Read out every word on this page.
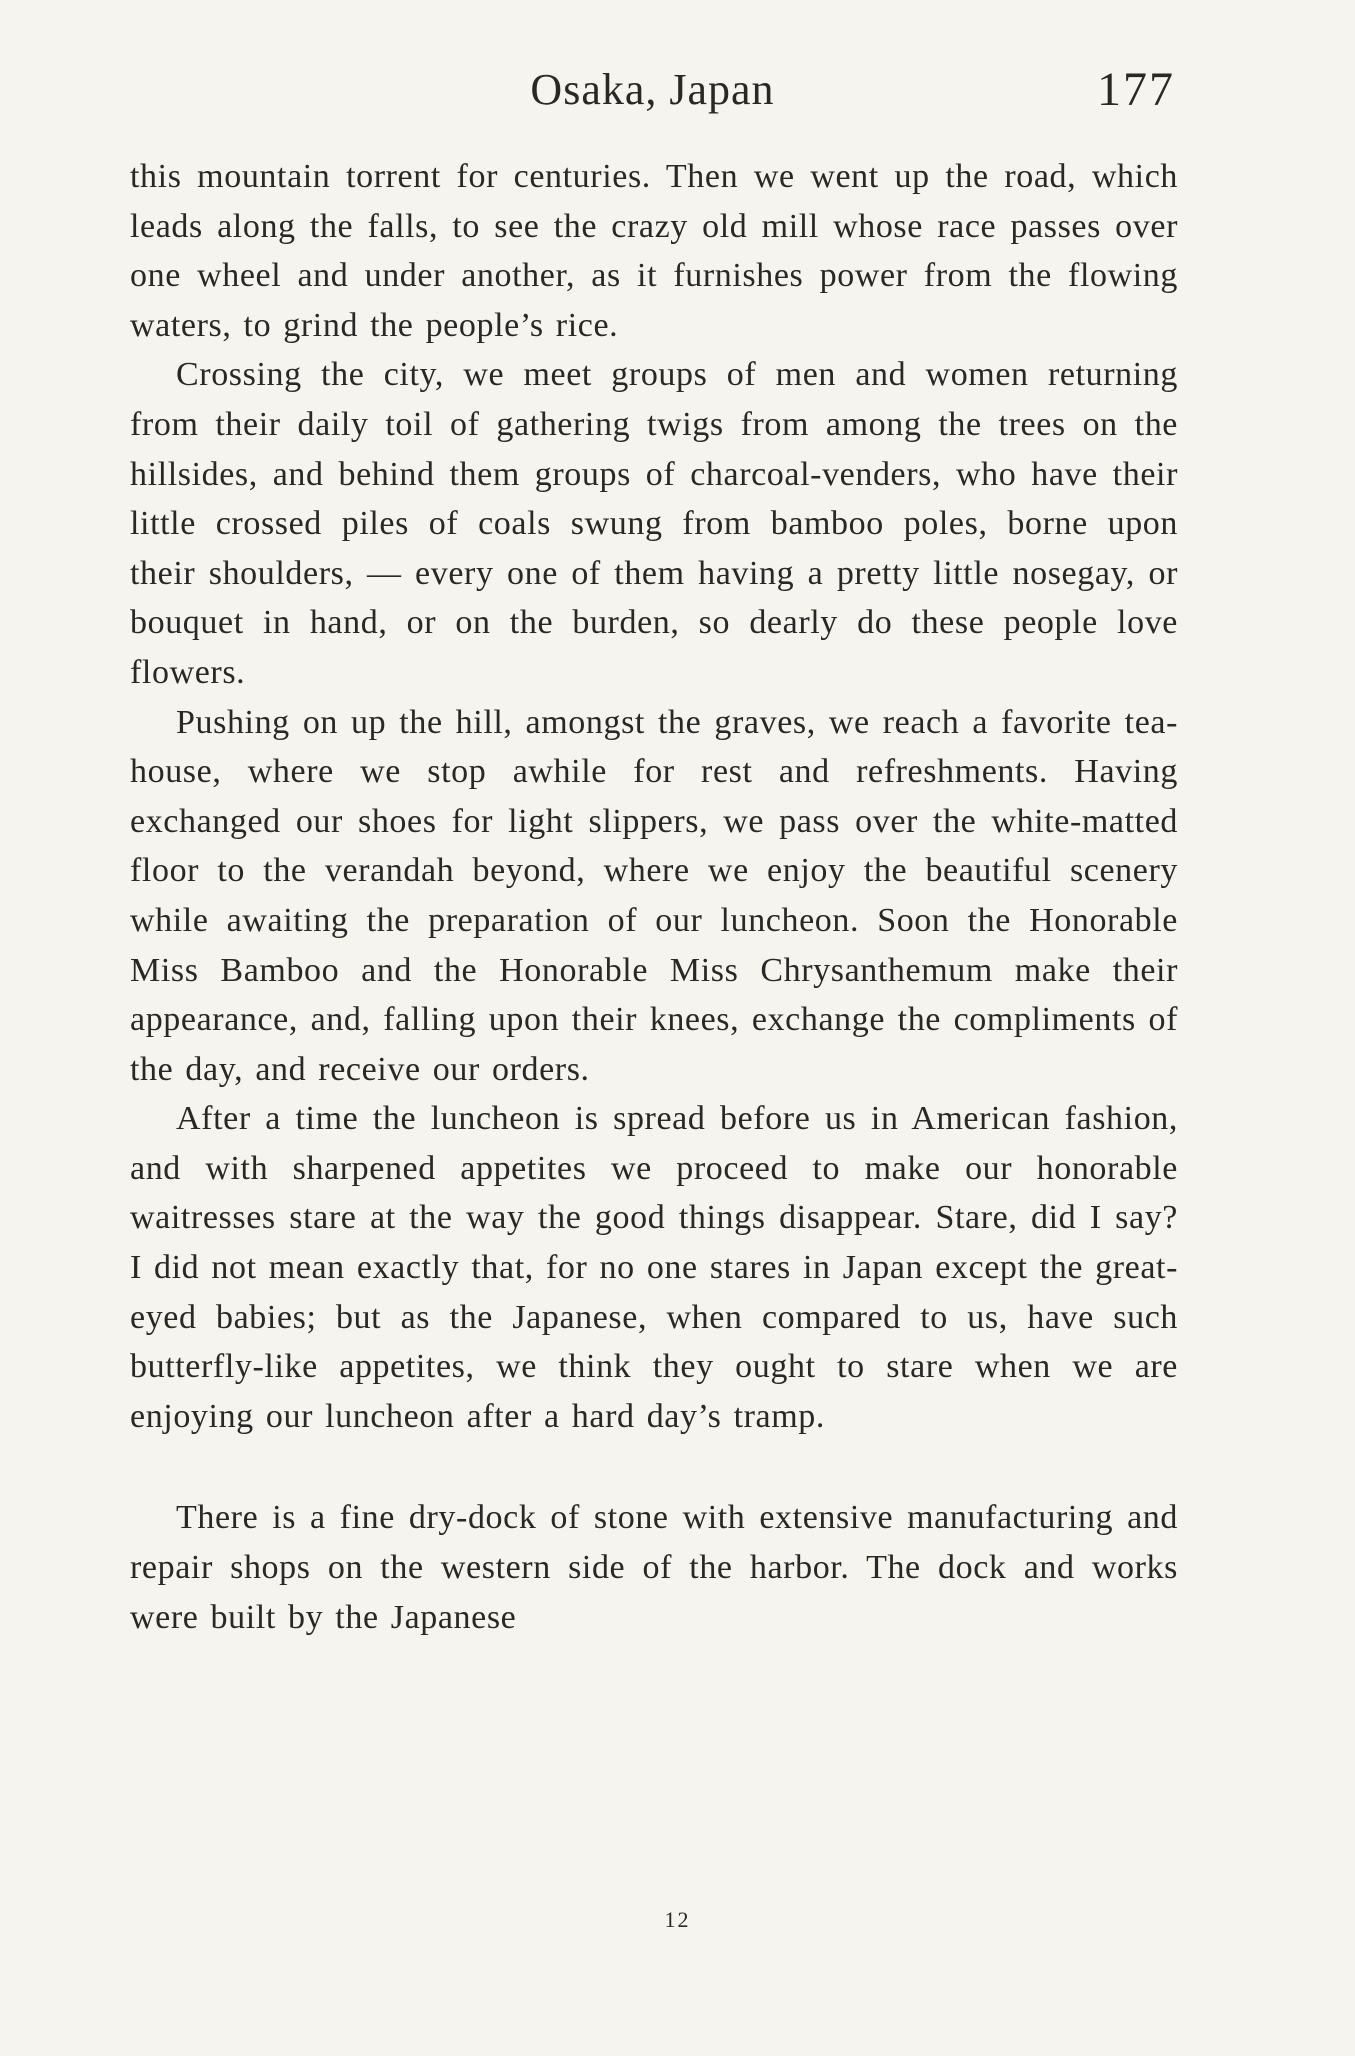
Osaka, Japan	177

this mountain torrent for centuries. Then we went up the road, which leads along the falls, to see the crazy old mill whose race passes over one wheel and under another, as it furnishes power from the flowing waters, to grind the people’s rice.

Crossing the city, we meet groups of men and women returning from their daily toil of gathering twigs from among the trees on the hillsides, and behind them groups of charcoal-venders, who have their little crossed piles of coals swung from bamboo poles, borne upon their shoulders, — every one of them having a pretty little nosegay, or bouquet in hand, or on the burden, so dearly do these people love flowers.

Pushing on up the hill, amongst the graves, we reach a favorite tea-house, where we stop awhile for rest and refreshments. Having exchanged our shoes for light slippers, we pass over the white-matted floor to the verandah beyond, where we enjoy the beautiful scenery while awaiting the preparation of our luncheon. Soon the Honorable Miss Bamboo and the Honorable Miss Chrysanthemum make their appearance, and, falling upon their knees, exchange the compliments of the day, and receive our orders.

After a time the luncheon is spread before us in American fashion, and with sharpened appetites we proceed to make our honorable waitresses stare at the way the good things disappear. Stare, did I say? I did not mean exactly that, for no one stares in Japan except the great-eyed babies; but as the Japanese, when compared to us, have such butterfly-like appetites, we think they ought to stare when we are enjoying our luncheon after a hard day’s tramp.

There is a fine dry-dock of stone with extensive manufacturing and repair shops on the western side of the harbor. The dock and works were built by the Japanese

12
